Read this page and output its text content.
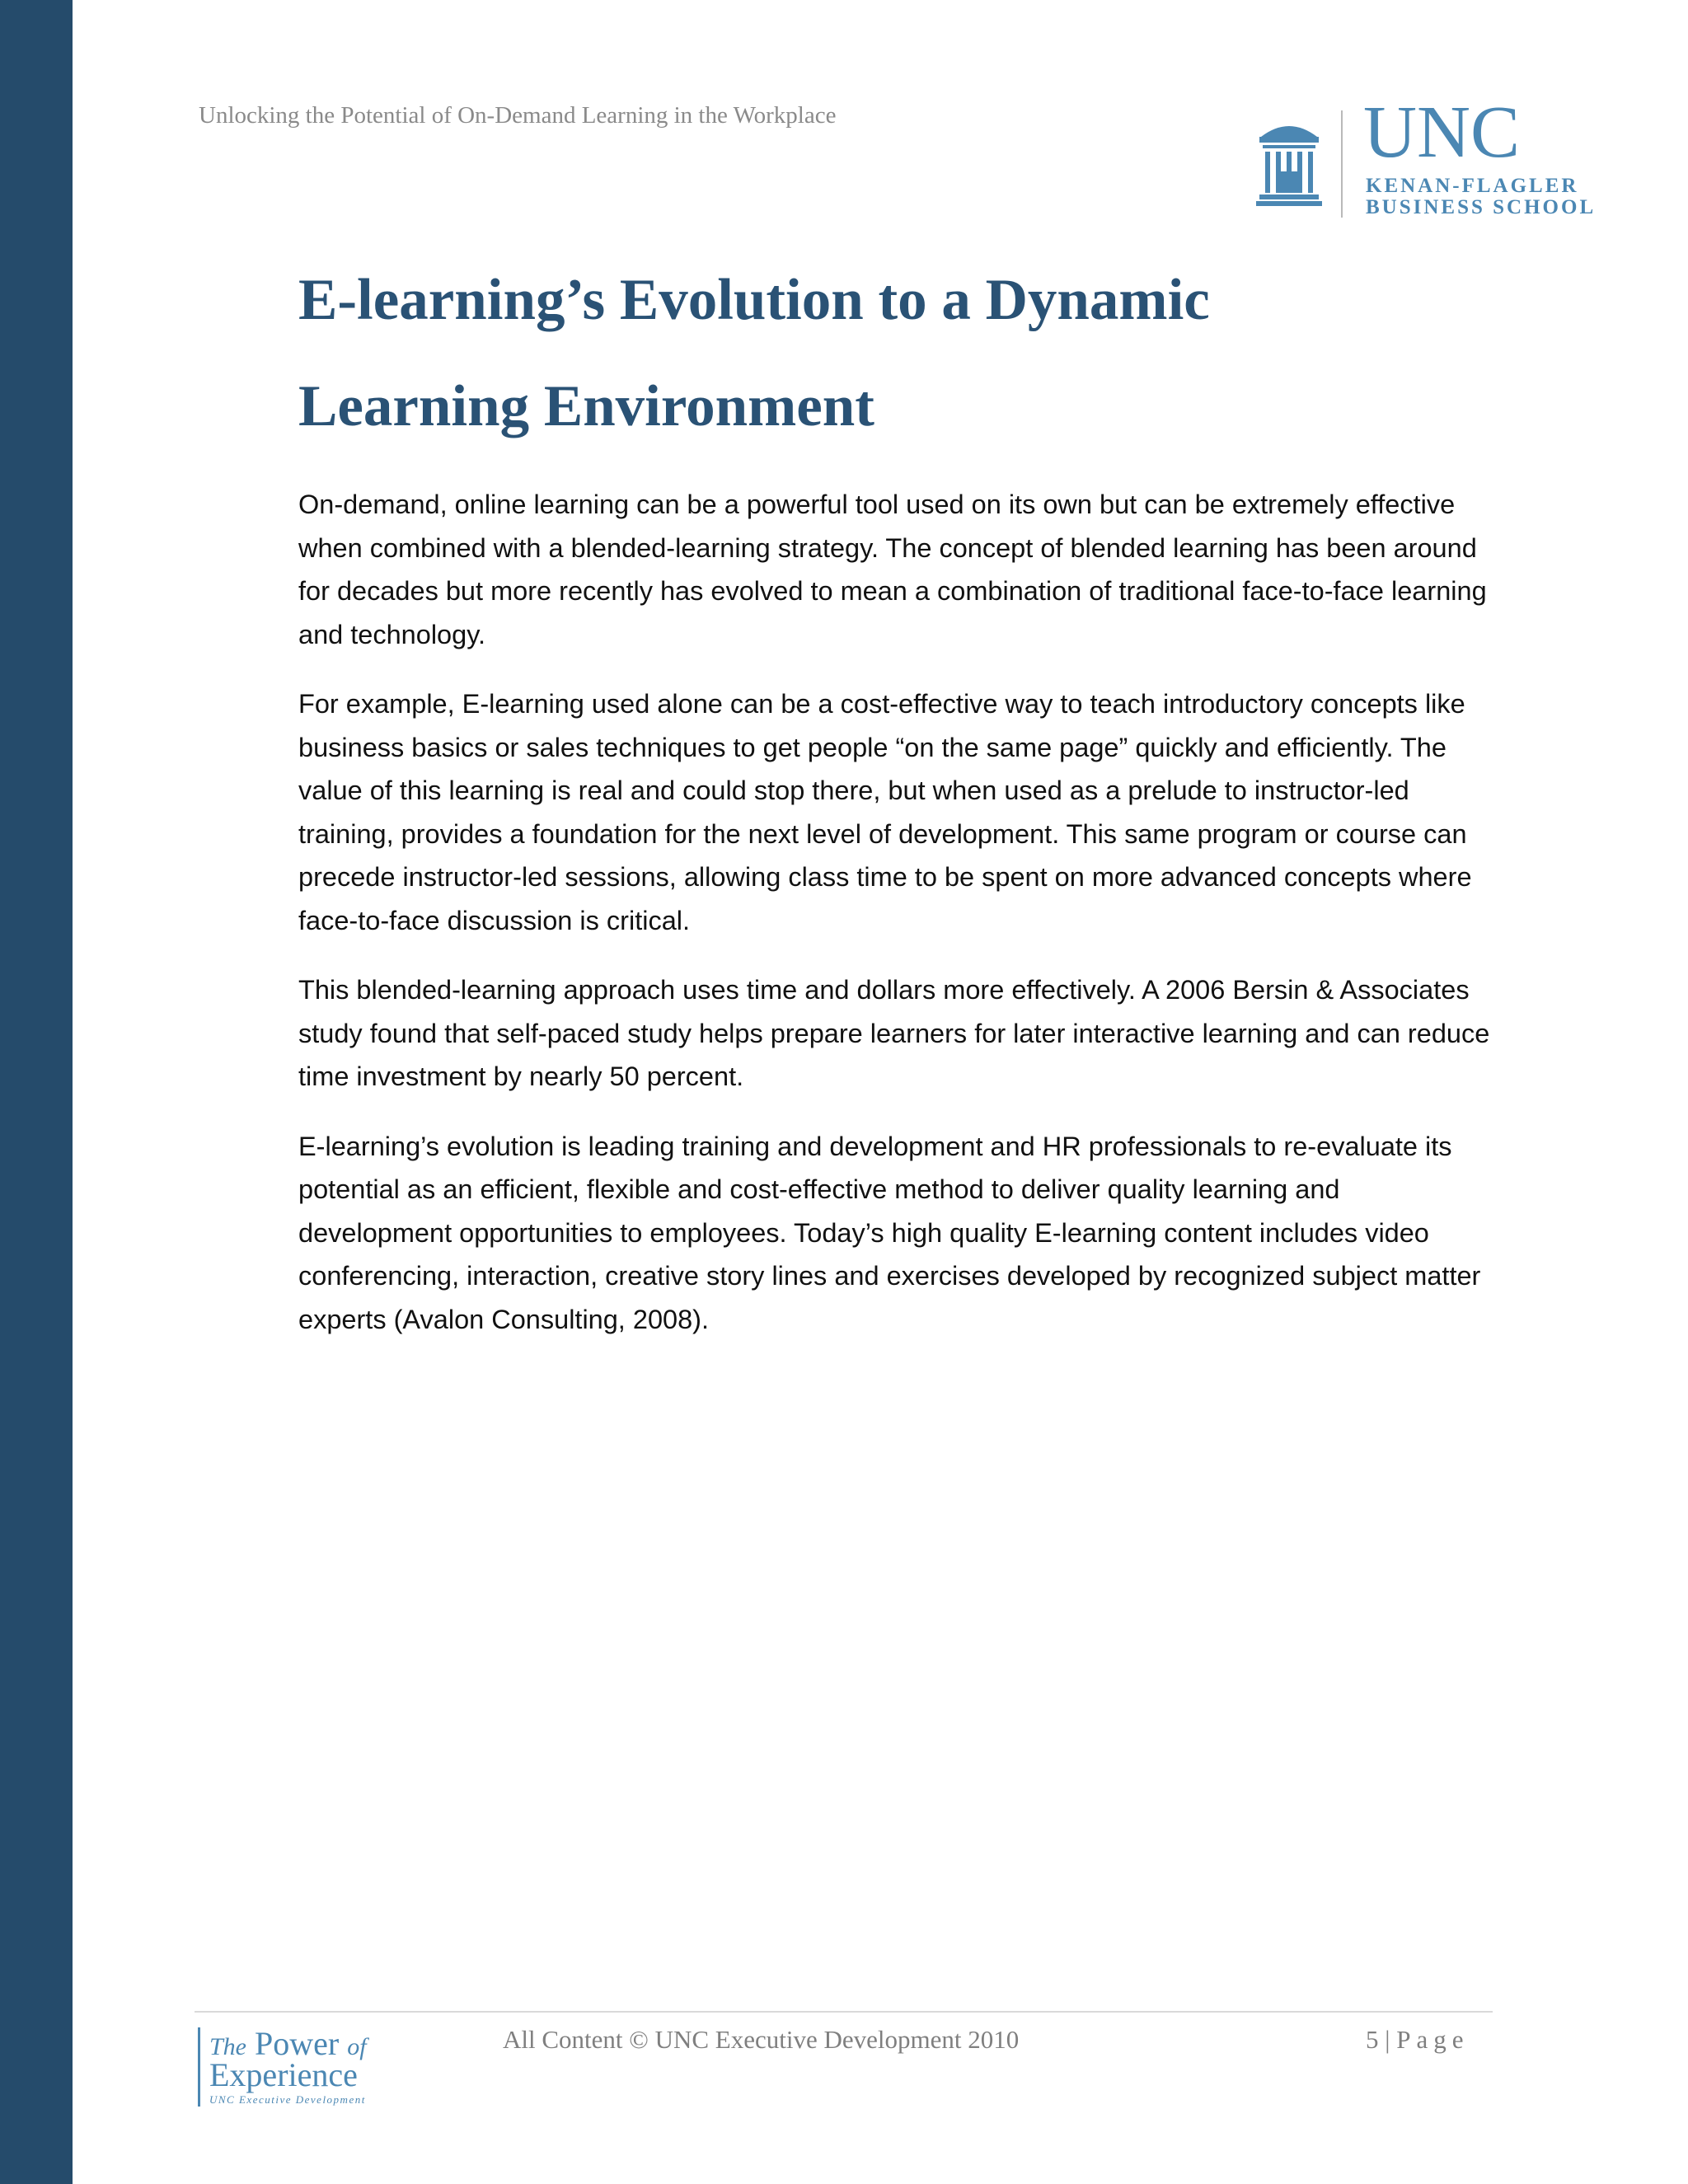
Unlocking the Potential of On-Demand Learning in the Workplace	UNC
KENAN-FLAGLER
BUSINESS SCHOOL
E-learning’s Evolution to a Dynamic
Learning Environment

On-demand, online learning can be a powerful tool used on its own but can be extremely effective when combined with a blended-learning strategy. The concept of blended learning has been around for decades but more recently has evolved to mean a combination of traditional face-to-face learning and technology.

For example, E-learning used alone can be a cost-effective way to teach introductory concepts like business basics or sales techniques to get people “on the same page” quickly and efficiently. The value of this learning is real and could stop there, but when used as a prelude to instructor-led training, provides a foundation for the next level of development. This same program or course can precede instructor-led sessions, allowing class time to be spent on more advanced concepts where face-to-face discussion is critical.

This blended-learning approach uses time and dollars more effectively. A 2006 Bersin & Associates study found that self-paced study helps prepare learners for later interactive learning and can reduce time investment by nearly 50 percent.

E-learning’s evolution is leading training and development and HR professionals to re-evaluate its potential as an efficient, flexible and cost-effective method to deliver quality learning and development opportunities to employees. Today’s high quality E-learning content includes video conferencing, interaction, creative story lines and exercises developed by recognized subject matter experts (Avalon Consulting, 2008).

The Power of
Experience
UNC Executive Development
All Content © UNC Executive Development 2010	5 | Page
